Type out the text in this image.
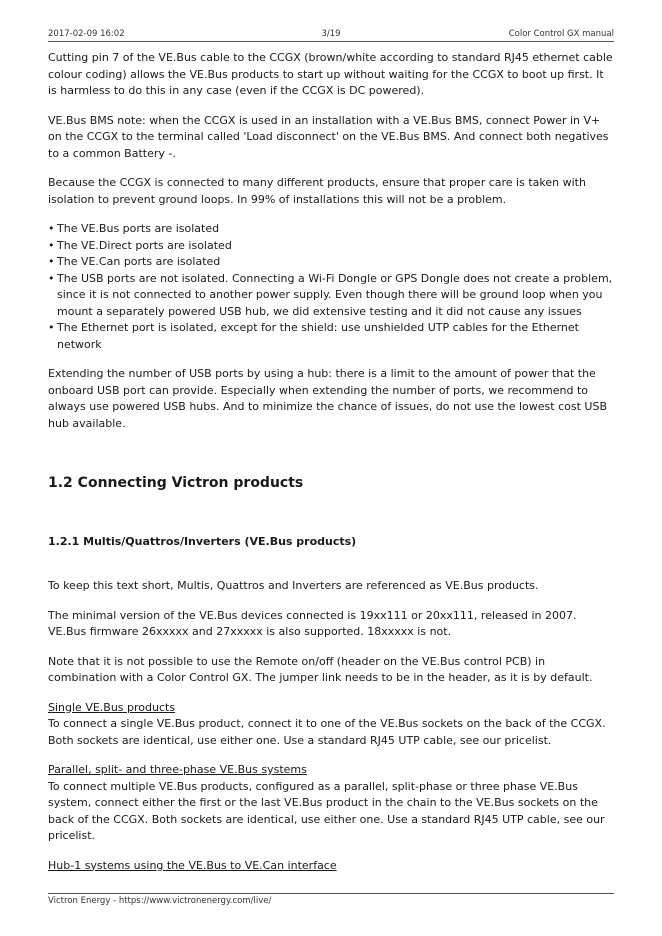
2017-02-09 16:02	3/19	Color Control GX manual

Cutting pin 7 of the VE.Bus cable to the CCGX (brown/white according to standard RJ45 ethernet cable colour coding) allows the VE.Bus products to start up without waiting for the CCGX to boot up first. It is harmless to do this in any case (even if the CCGX is DC powered).

VE.Bus BMS note: when the CCGX is used in an installation with a VE.Bus BMS, connect Power in V+ on the CCGX to the terminal called 'Load disconnect' on the VE.Bus BMS. And connect both negatives to a common Battery -.

Because the CCGX is connected to many different products, ensure that proper care is taken with isolation to prevent ground loops. In 99% of installations this will not be a problem.

• The VE.Bus ports are isolated
• The VE.Direct ports are isolated
• The VE.Can ports are isolated
• The USB ports are not isolated. Connecting a Wi-Fi Dongle or GPS Dongle does not create a problem, since it is not connected to another power supply. Even though there will be ground loop when you mount a separately powered USB hub, we did extensive testing and it did not cause any issues
• The Ethernet port is isolated, except for the shield: use unshielded UTP cables for the Ethernet network

Extending the number of USB ports by using a hub: there is a limit to the amount of power that the onboard USB port can provide. Especially when extending the number of ports, we recommend to always use powered USB hubs. And to minimize the chance of issues, do not use the lowest cost USB hub available.

1.2 Connecting Victron products
1.2.1 Multis/Quattros/Inverters (VE.Bus products)

To keep this text short, Multis, Quattros and Inverters are referenced as VE.Bus products.

The minimal version of the VE.Bus devices connected is 19xx111 or 20xx111, released in 2007. VE.Bus firmware 26xxxxx and 27xxxxx is also supported. 18xxxxx is not.

Note that it is not possible to use the Remote on/off (header on the VE.Bus control PCB) in combination with a Color Control GX. The jumper link needs to be in the header, as it is by default.

Single VE.Bus products

To connect a single VE.Bus product, connect it to one of the VE.Bus sockets on the back of the CCGX. Both sockets are identical, use either one. Use a standard RJ45 UTP cable, see our pricelist.

Parallel, split- and three-phase VE.Bus systems

To connect multiple VE.Bus products, configured as a parallel, split-phase or three phase VE.Bus system, connect either the first or the last VE.Bus product in the chain to the VE.Bus sockets on the back of the CCGX. Both sockets are identical, use either one. Use a standard RJ45 UTP cable, see our pricelist.

Hub-1 systems using the VE.Bus to VE.Can interface

Victron Energy - https://www.victronenergy.com/live/
